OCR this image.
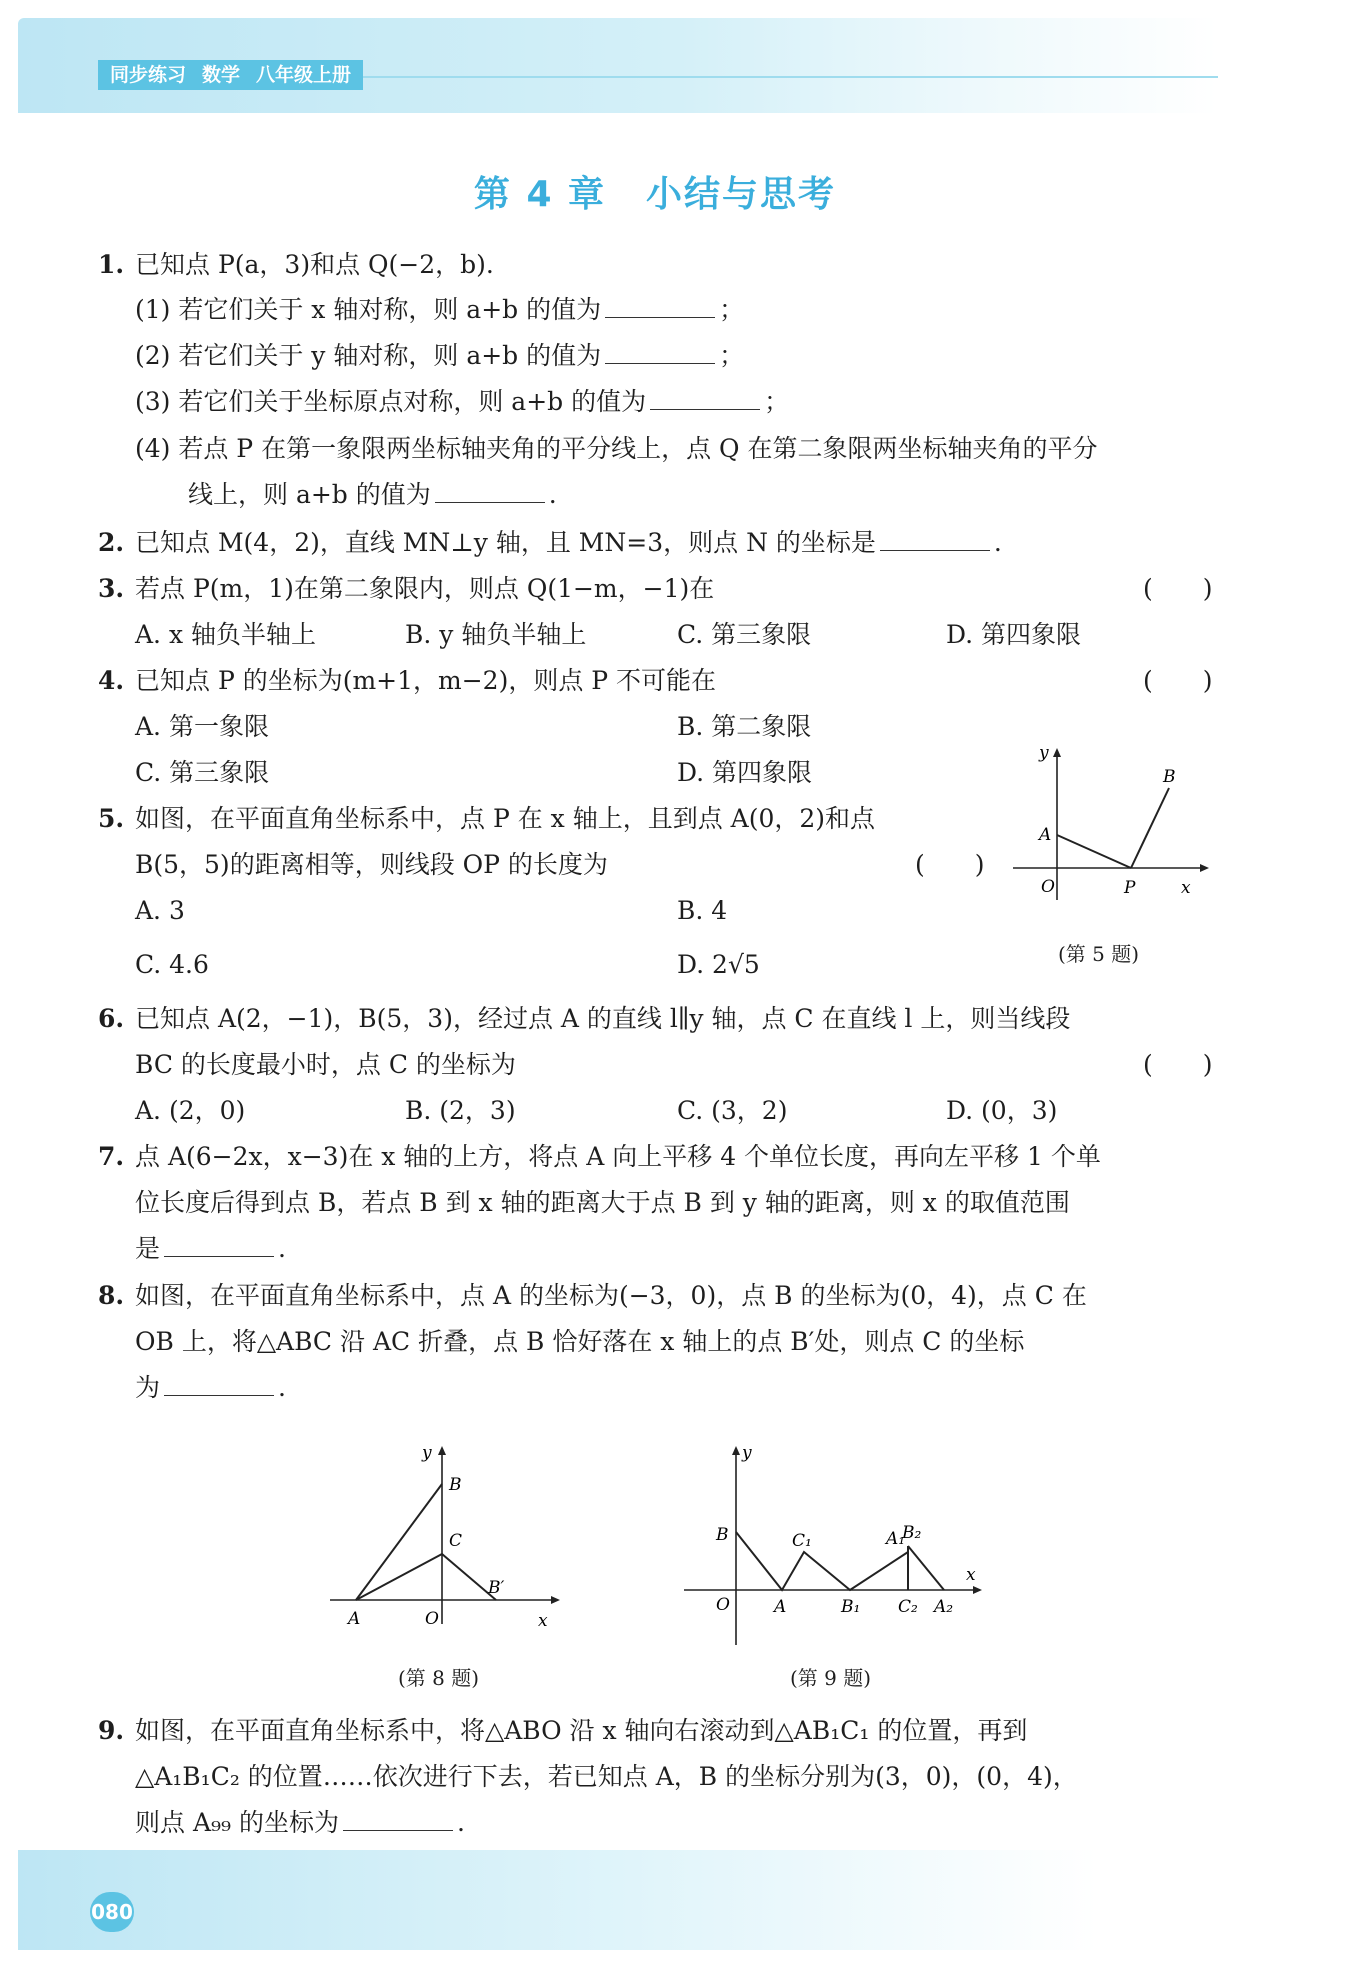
同步练习 数学 八年级上册
第 4 章 小结与思考
1. 已知点 P(a，3)和点 Q(−2，b).
(1) 若它们关于 x 轴对称，则 a+b 的值为	；
(2) 若它们关于 y 轴对称，则 a+b 的值为	；
(3) 若它们关于坐标原点对称，则 a+b 的值为	；
(4) 若点 P 在第一象限两坐标轴夹角的平分线上，点 Q 在第二象限两坐标轴夹角的平分
线上，则 a+b 的值为	.
2. 已知点 M(4，2)，直线 MN⊥y 轴，且 MN=3，则点 N 的坐标是	.
3. 若点 P(m，1)在第二象限内，则点 Q(1−m，−1)在	(　　)
A. x 轴负半轴上	B. y 轴负半轴上	C. 第三象限	D. 第四象限
4. 已知点 P 的坐标为(m+1，m−2)，则点 P 不可能在	(　　)
A. 第一象限	B. 第二象限
C. 第三象限	D. 第四象限
5. 如图，在平面直角坐标系中，点 P 在 x 轴上，且到点 A(0，2)和点
B(5，5)的距离相等，则线段 OP 的长度为	(　　)
A. 3	B. 4
C. 4.6	D. 2√5
y
x
O
A
B
P
(第 5 题)
6. 已知点 A(2，−1)，B(5，3)，经过点 A 的直线 l∥y 轴，点 C 在直线 l 上，则当线段
BC 的长度最小时，点 C 的坐标为	(　　)
A. (2，0)	B. (2，3)	C. (3，2)	D. (0，3)
7. 点 A(6−2x，x−3)在 x 轴的上方，将点 A 向上平移 4 个单位长度，再向左平移 1 个单
位长度后得到点 B，若点 B 到 x 轴的距离大于点 B 到 y 轴的距离，则 x 的取值范围
是	.
8. 如图，在平面直角坐标系中，点 A 的坐标为(−3，0)，点 B 的坐标为(0，4)，点 C 在
OB 上，将△ABC 沿 AC 折叠，点 B 恰好落在 x 轴上的点 B′处，则点 C 的坐标
为	.
y
x
O
A
B
C
B′
(第 8 题)
y
x
O
B
A
C₁
B₁
A₁
B₂
C₂ A₂
(第 9 题)
9. 如图，在平面直角坐标系中，将△ABO 沿 x 轴向右滚动到△AB₁C₁ 的位置，再到
△A₁B₁C₂ 的位置……依次进行下去，若已知点 A，B 的坐标分别为(3，0)，(0，4)，
则点 A₉₉ 的坐标为	.
080
